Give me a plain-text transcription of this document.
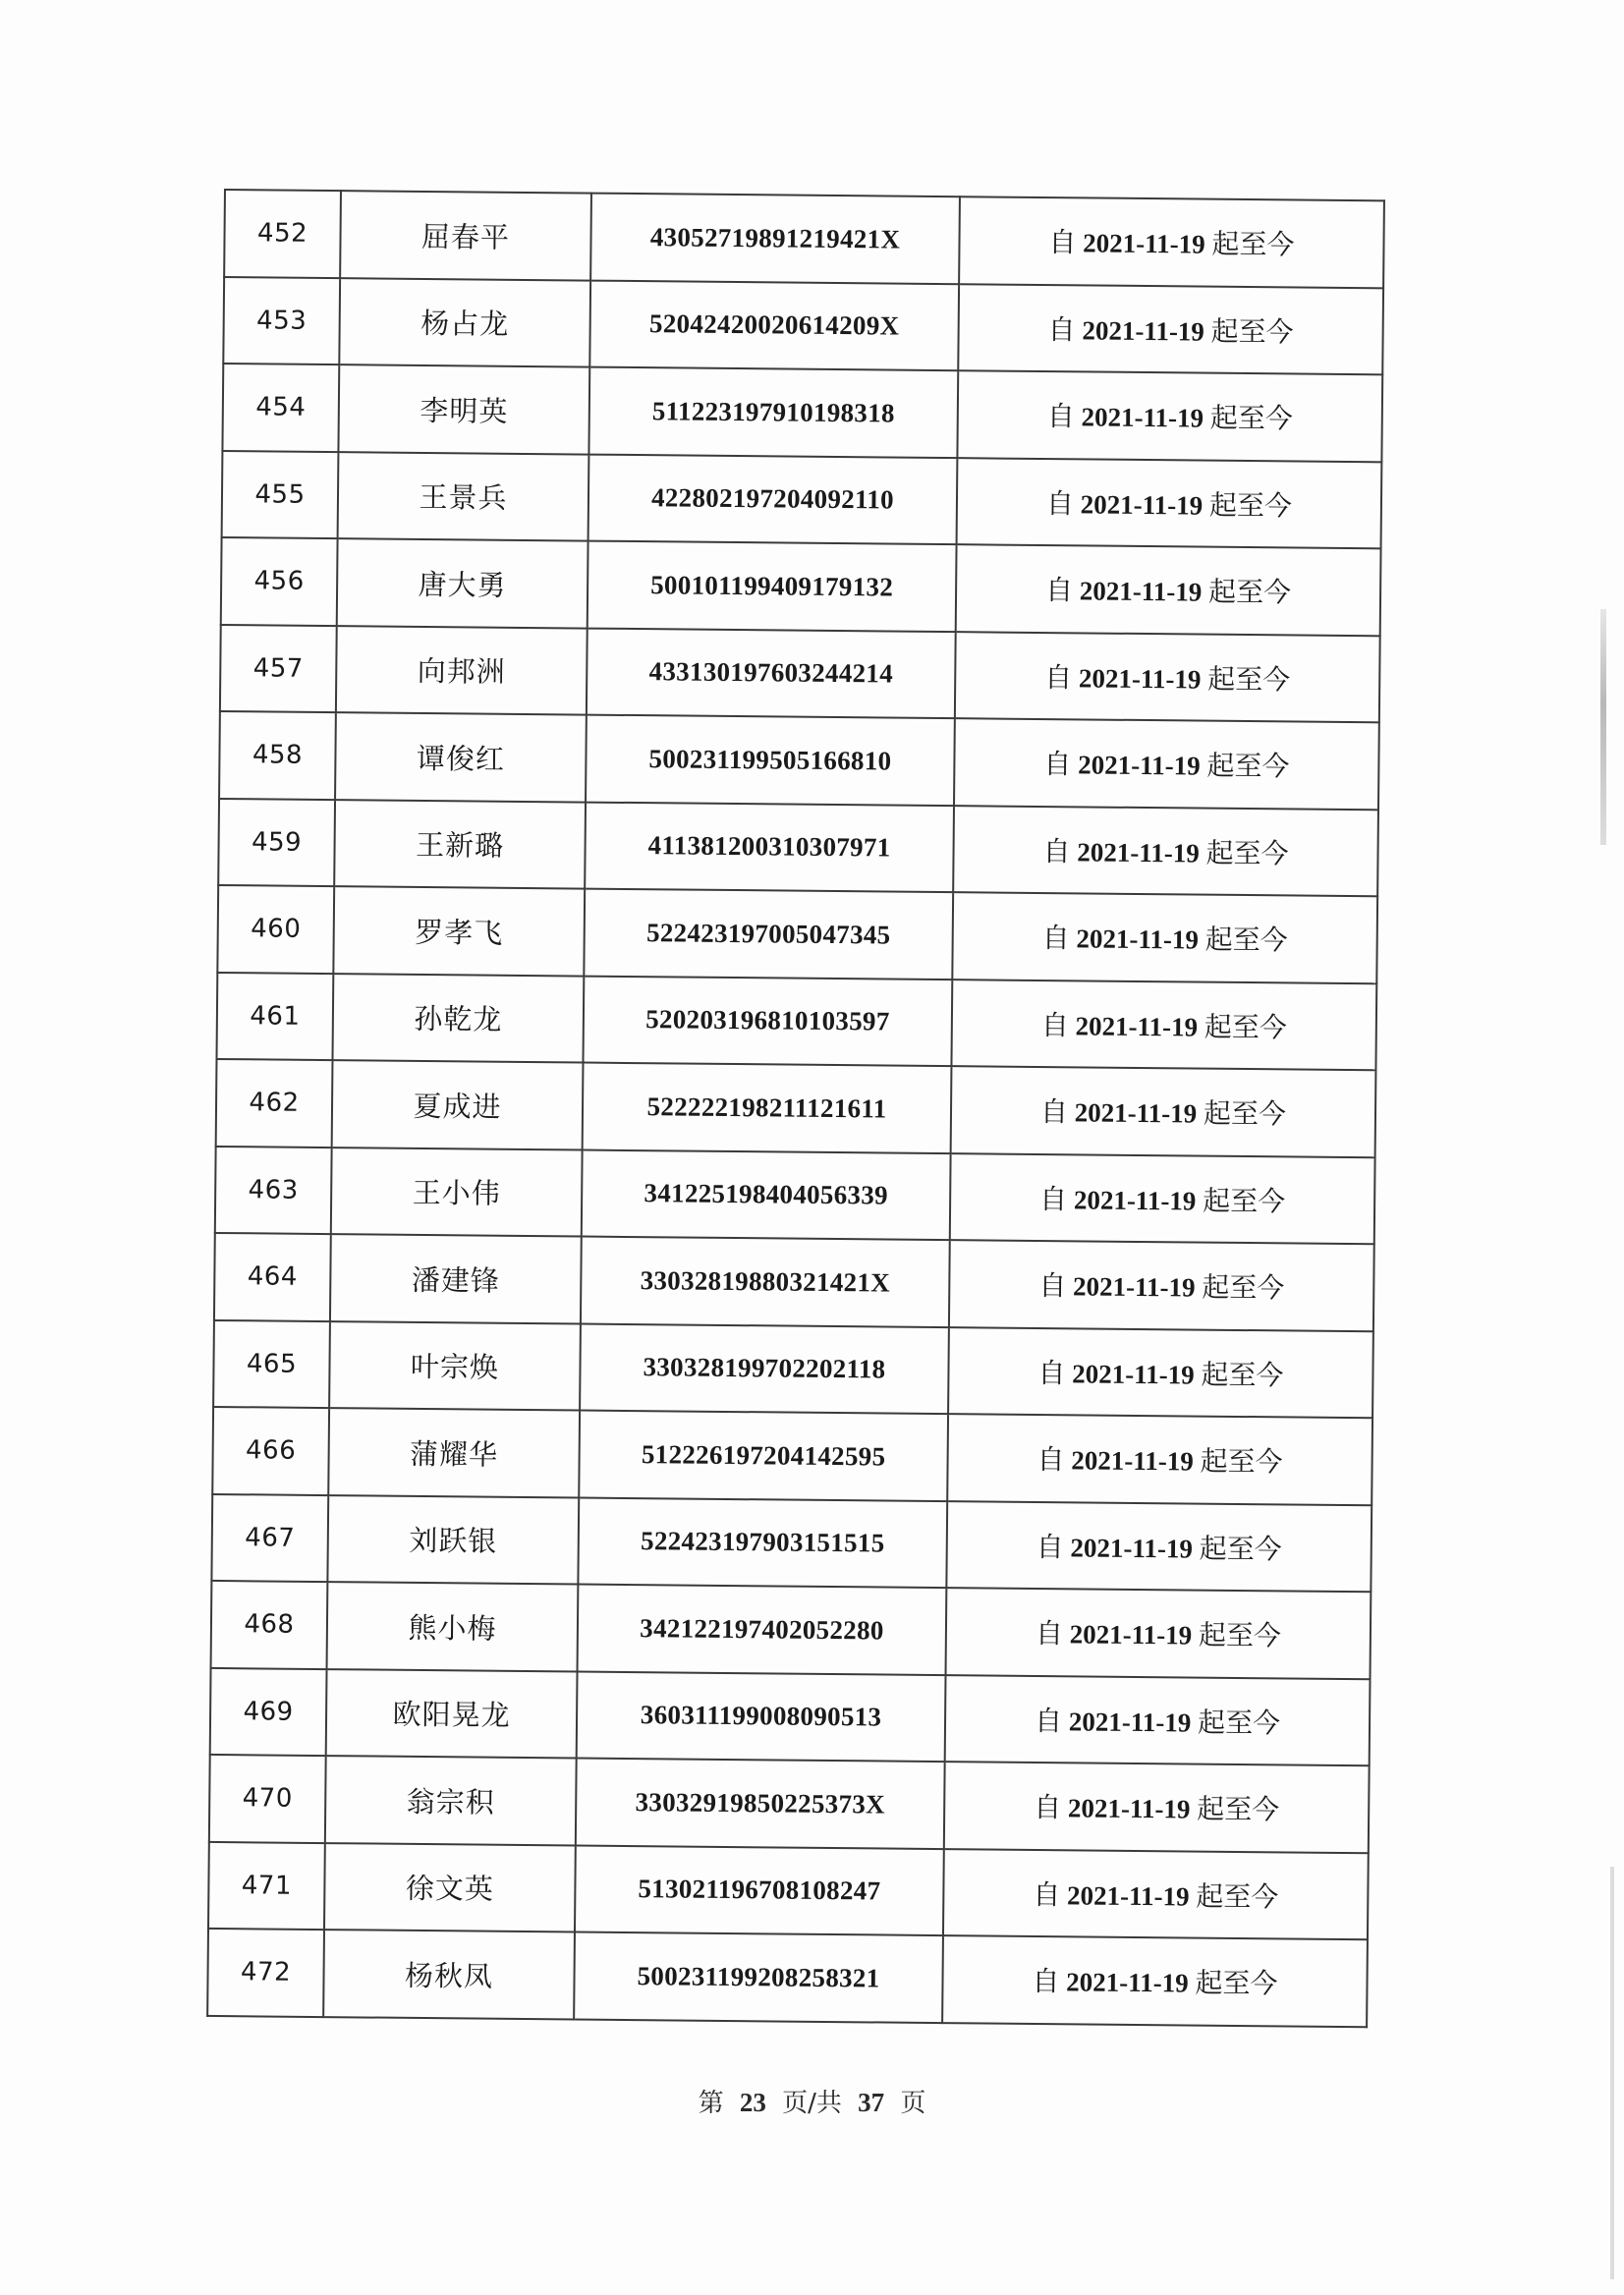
452	屈春平	43052719891219421X	自 2021-11-19 起至今
453	杨占龙	52042420020614209X	自 2021-11-19 起至今
454	李明英	511223197910198318	自 2021-11-19 起至今
455	王景兵	422802197204092110	自 2021-11-19 起至今
456	唐大勇	500101199409179132	自 2021-11-19 起至今
457	向邦洲	433130197603244214	自 2021-11-19 起至今
458	谭俊红	500231199505166810	自 2021-11-19 起至今
459	王新璐	411381200310307971	自 2021-11-19 起至今
460	罗孝飞	522423197005047345	自 2021-11-19 起至今
461	孙乾龙	520203196810103597	自 2021-11-19 起至今
462	夏成进	522222198211121611	自 2021-11-19 起至今
463	王小伟	341225198404056339	自 2021-11-19 起至今
464	潘建锋	33032819880321421X	自 2021-11-19 起至今
465	叶宗焕	330328199702202118	自 2021-11-19 起至今
466	蒲耀华	512226197204142595	自 2021-11-19 起至今
467	刘跃银	522423197903151515	自 2021-11-19 起至今
468	熊小梅	342122197402052280	自 2021-11-19 起至今
469	欧阳晃龙	360311199008090513	自 2021-11-19 起至今
470	翁宗积	33032919850225373X	自 2021-11-19 起至今
471	徐文英	513021196708108247	自 2021-11-19 起至今
472	杨秋凤	500231199208258321	自 2021-11-19 起至今
第 23 页/共 37 页
